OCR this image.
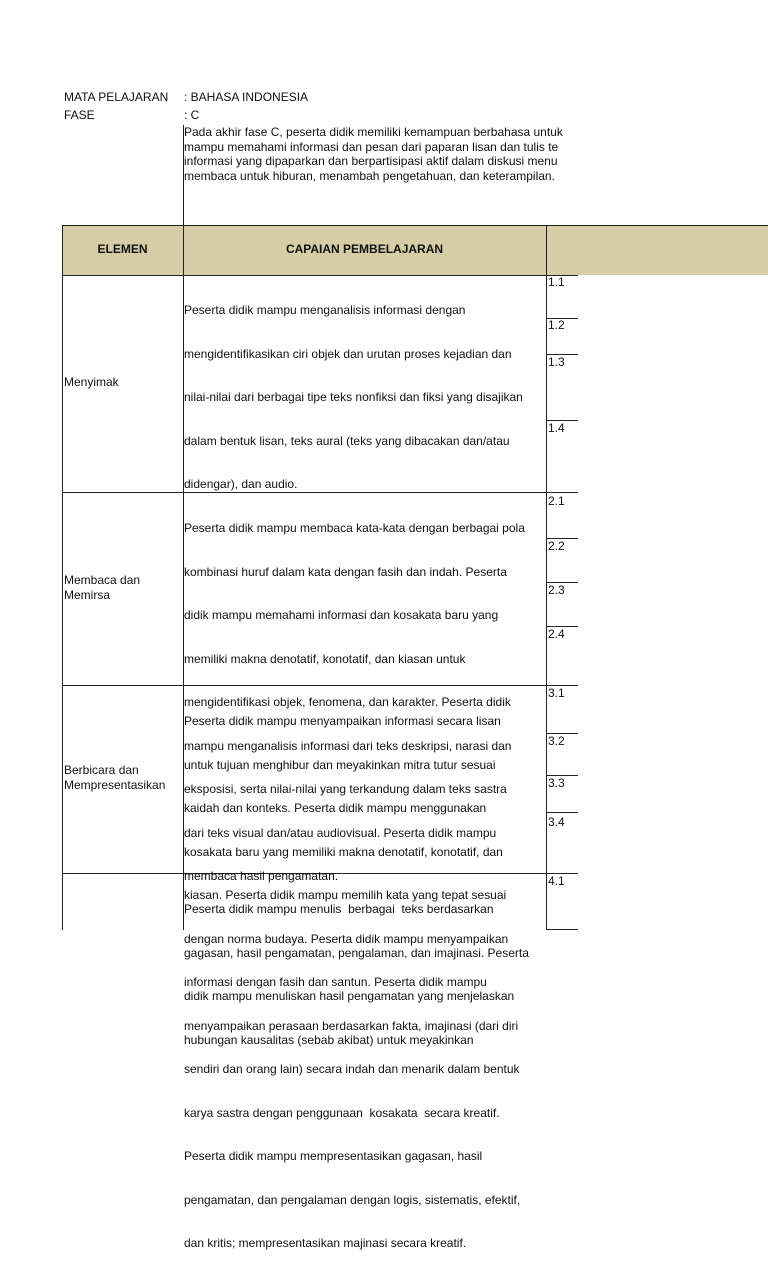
MATA PELAJARAN : BAHASA INDONESIA
FASE	: C
Pada akhir fase C, peserta didik memiliki kemampuan berbahasa untuk
mampu memahami informasi dan pesan dari paparan lisan dan tulis te
informasi yang dipaparkan dan berpartisipasi aktif dalam diskusi menu
membaca untuk hiburan, menambah pengetahuan, dan keterampilan.
ELEMEN	CAPAIAN PEMBELAJARAN
Menyimak

Peserta didik mampu menganalisis informasi dengan

mengidentifikasikan ciri objek dan urutan proses kejadian dan

nilai-nilai dari berbagai tipe teks nonfiksi dan fiksi yang disajikan

dalam bentuk lisan, teks aural (teks yang dibacakan dan/atau

didengar), dan audio.

1.1
1.2
1.3
1.4
Membaca dan Memirsa

Peserta didik mampu membaca kata-kata dengan berbagai pola

kombinasi huruf dalam kata dengan fasih dan indah. Peserta

didik mampu memahami informasi dan kosakata baru yang

memiliki makna denotatif, konotatif, dan kiasan untuk

mengidentifikasi objek, fenomena, dan karakter. Peserta didik

mampu menganalisis informasi dari teks deskripsi, narasi dan

eksposisi, serta nilai-nilai yang terkandung dalam teks sastra

dari teks visual dan/atau audiovisual. Peserta didik mampu

membaca hasil pengamatan.

2.1
2.2
2.3
2.4
Berbicara dan Mempresentasikan

Peserta didik mampu menyampaikan informasi secara lisan

untuk tujuan menghibur dan meyakinkan mitra tutur sesuai

kaidah dan konteks. Peserta didik mampu menggunakan

kosakata baru yang memiliki makna denotatif, konotatif, dan

kiasan. Peserta didik mampu memilih kata yang tepat sesuai

dengan norma budaya. Peserta didik mampu menyampaikan

informasi dengan fasih dan santun. Peserta didik mampu

menyampaikan perasaan berdasarkan fakta, imajinasi (dari diri

sendiri dan orang lain) secara indah dan menarik dalam bentuk

karya sastra dengan penggunaan  kosakata  secara kreatif.

Peserta didik mampu mempresentasikan gagasan, hasil

pengamatan, dan pengalaman dengan logis, sistematis, efektif,

dan kritis; mempresentasikan majinasi secara kreatif.

3.1
3.2
3.3
3.4

Peserta didik mampu menulis  berbagai  teks berdasarkan

gagasan, hasil pengamatan, pengalaman, dan imajinasi. Peserta

didik mampu menuliskan hasil pengamatan yang menjelaskan

hubungan kausalitas (sebab akibat) untuk meyakinkan

4.1
